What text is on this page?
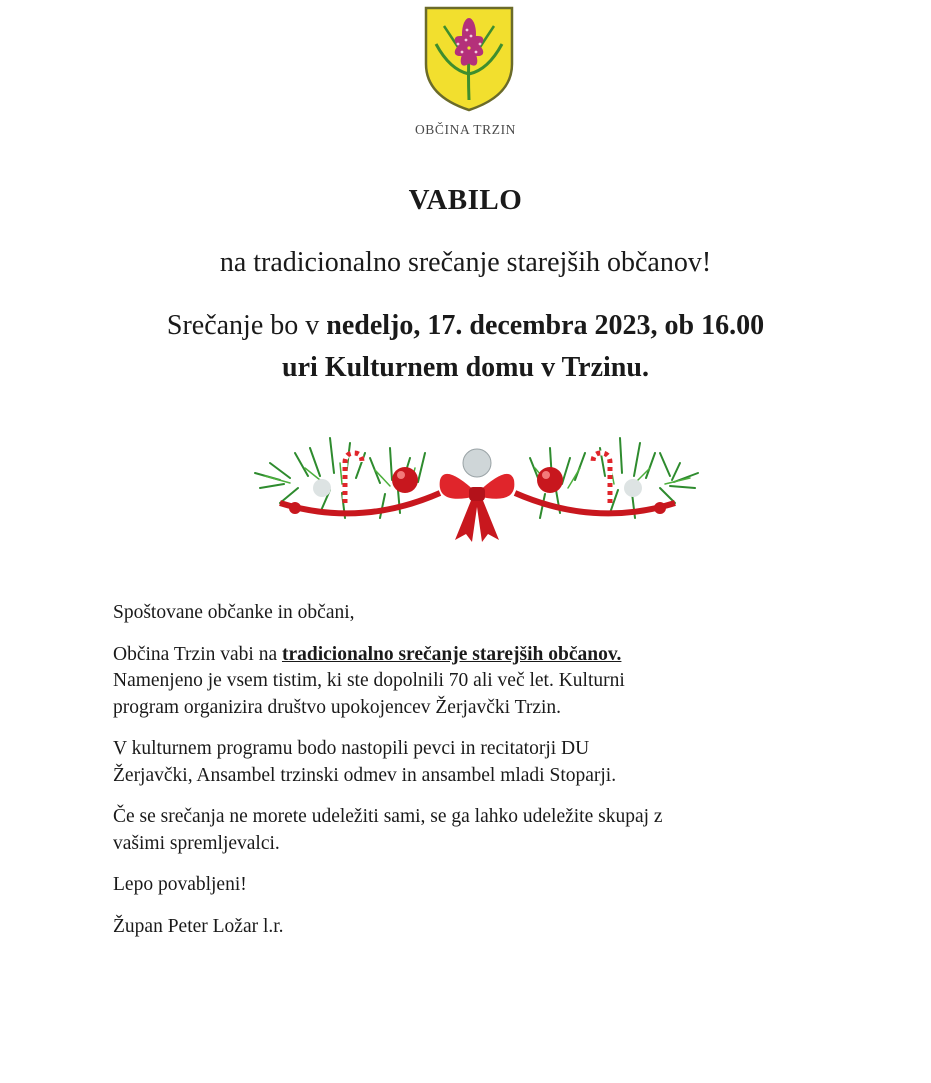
OBČINA TRZIN
VABILO
na tradicionalno srečanje starejših občanov!
Srečanje bo v nedeljo, 17. decembra 2023, ob 16.00
uri Kulturnem domu v Trzinu.

Spoštovane občanke in občani,

Občina Trzin vabi na tradicionalno srečanje starejših občanov.
Namenjeno je vsem tistim, ki ste dopolnili 70 ali več let. Kulturni
program organizira društvo upokojencev Žerjavčki Trzin.

V kulturnem programu bodo nastopili pevci in recitatorji DU
Žerjavčki, Ansambel trzinski odmev in ansambel mladi Stoparji.

Če se srečanja ne morete udeležiti sami, se ga lahko udeležite skupaj z
vašimi spremljevalci.

Lepo povabljeni!

Župan Peter Ložar l.r.
